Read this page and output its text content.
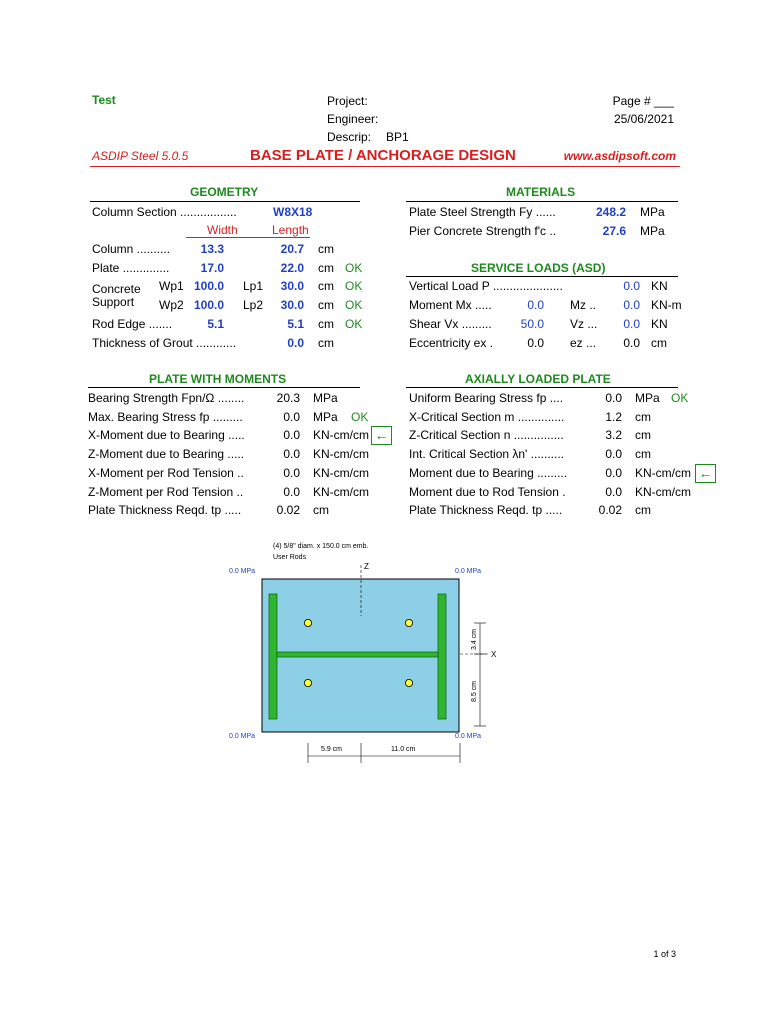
Test	Project:
Engineer:
Descrip: BP1
Page # ___
25/06/2021
ASDIP Steel 5.0.5	BASE PLATE / ANCHORAGE DESIGN	www.asdipsoft.com
GEOMETRY
Column Section .................	W8X18
Width	Length
Column ..........	13.3	20.7 cm
Plate ..............	17.0	22.0 cm OK
Concrete
Support
Wp1 100.0 Lp1	30.0 cm OK
Wp2 100.0 Lp2	30.0 cm OK
Rod Edge .......	5.1	5.1 cm OK
Thickness of Grout ............	0.0 cm
MATERIALS
Plate Steel Strength Fy ......	248.2 MPa
Pier Concrete Strength f'c ..	27.6 MPa
SERVICE LOADS (ASD)
Vertical Load P .....................	0.0 KN
Moment Mx .....	0.0 Mz ..	0.0 KN-m
Shear Vx .........	50.0 Vz ...	0.0 KN
Eccentricity ex .	0.0 ez ...	0.0 cm
PLATE WITH MOMENTS
Bearing Strength Fpn/Ω ........	20.3 MPa
Max. Bearing Stress fp .........	0.0 MPa OK
X-Moment due to Bearing .....	0.0 KN-cm/cm ←
Z-Moment due to Bearing .....	0.0 KN-cm/cm
X-Moment per Rod Tension ..	0.0 KN-cm/cm
Z-Moment per Rod Tension ..	0.0 KN-cm/cm
Plate Thickness Reqd. tp .....	0.02 cm
AXIALLY LOADED PLATE
Uniform Bearing Stress fp ....	0.0 MPa OK
X-Critical Section m ..............	1.2 cm
Z-Critical Section n ...............	3.2 cm
Int. Critical Section λn' ..........	0.0 cm
Moment due to Bearing .........	0.0 KN-cm/cm ←
Moment due to Rod Tension .	0.0 KN-cm/cm
Plate Thickness Reqd. tp .....	0.02 cm
(4) 5/8" diam. x 150.0 cm emb.
User Rods
0.0 MPa	0.0 MPa
0.0 MPa	0.0 MPa
Z
X
3.4 cm
8.5 cm
5.9 cm	11.0 cm
1 of 3
